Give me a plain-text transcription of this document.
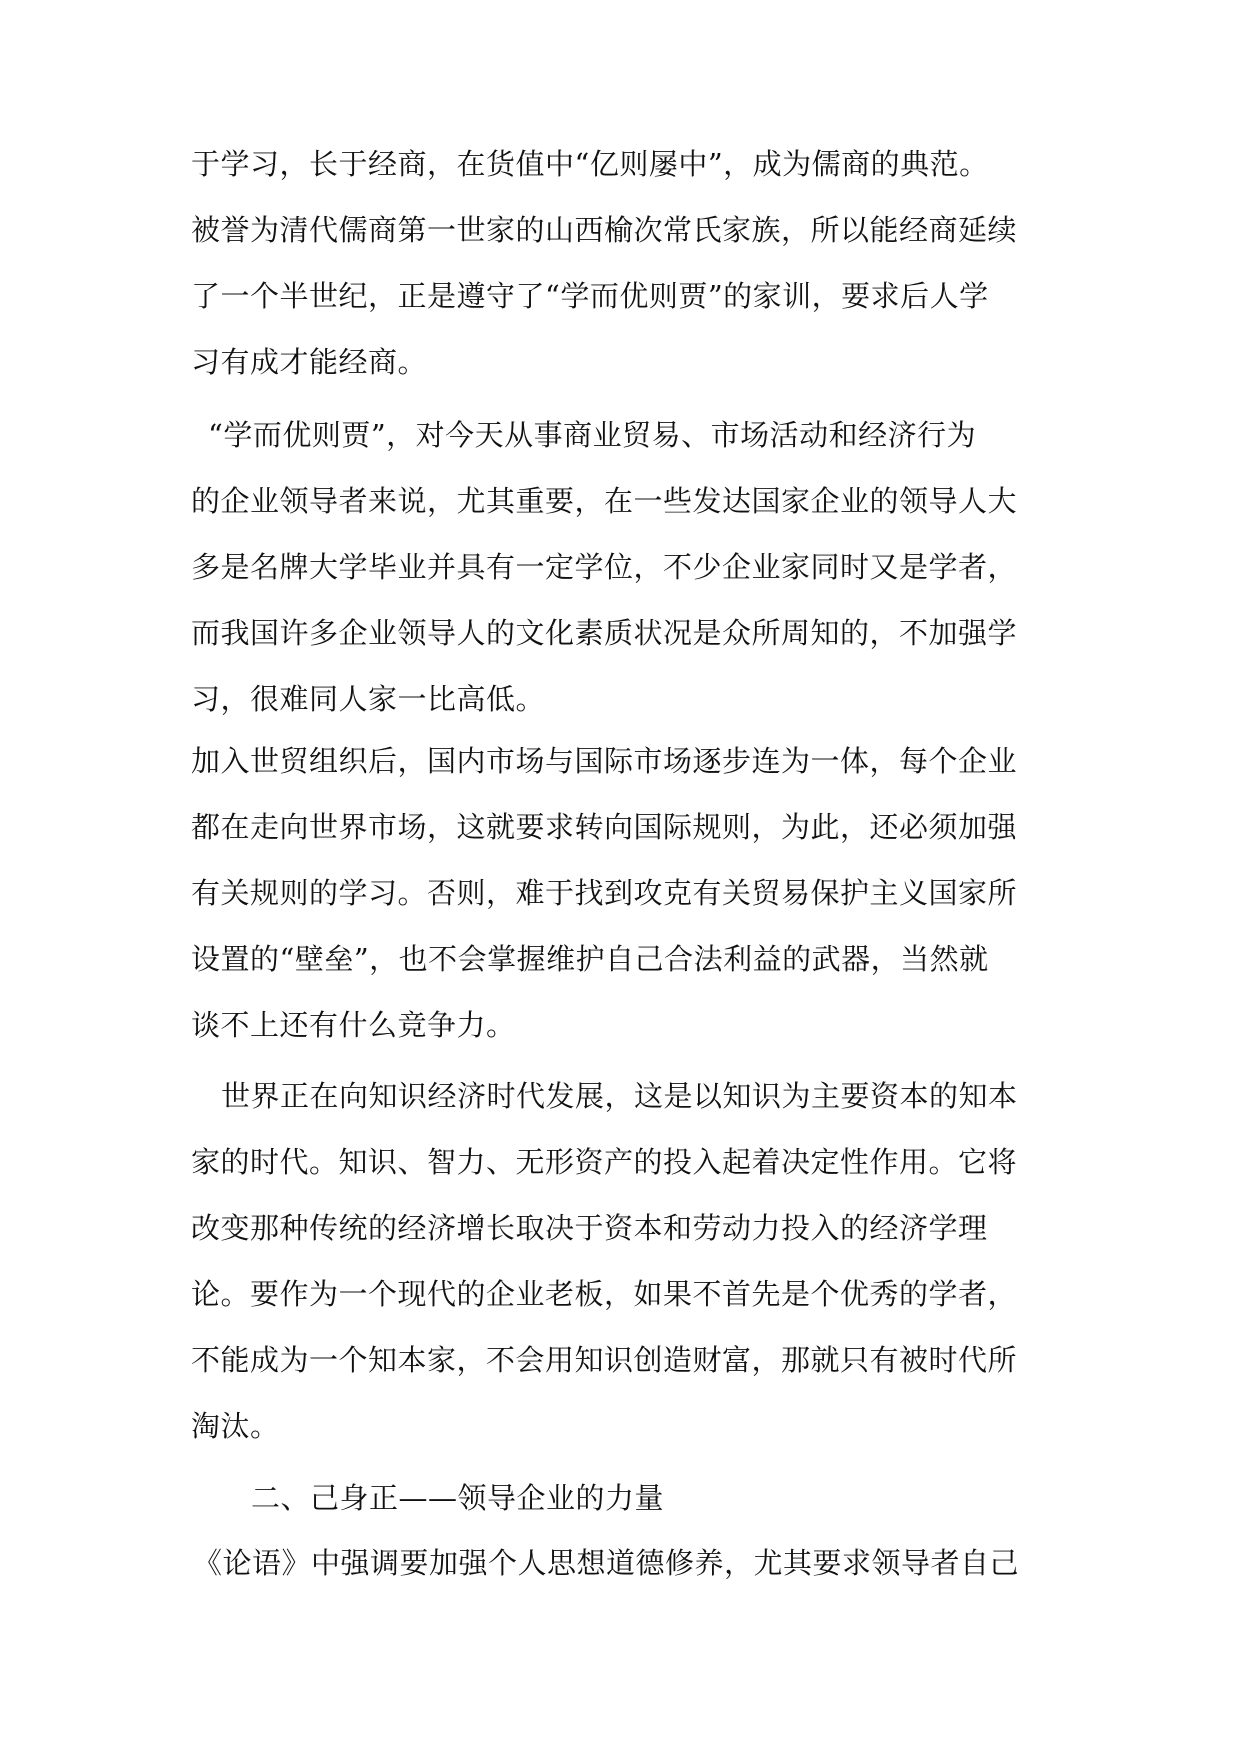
于学习，长于经商，在货值中“亿则屡中”，成为儒商的典范。
被誉为清代儒商第一世家的山西榆次常氏家族，所以能经商延续
了一个半世纪，正是遵守了“学而优则贾”的家训，要求后人学
习有成才能经商。
“学而优则贾”，对今天从事商业贸易、市场活动和经济行为
的企业领导者来说，尤其重要，在一些发达国家企业的领导人大
多是名牌大学毕业并具有一定学位，不少企业家同时又是学者，
而我国许多企业领导人的文化素质状况是众所周知的，不加强学
习，很难同人家一比高低。
加入世贸组织后，国内市场与国际市场逐步连为一体，每个企业
都在走向世界市场，这就要求转向国际规则，为此，还必须加强
有关规则的学习。否则，难于找到攻克有关贸易保护主义国家所
设置的“壁垒”，也不会掌握维护自己合法利益的武器，当然就
谈不上还有什么竞争力。
世界正在向知识经济时代发展，这是以知识为主要资本的知本
家的时代。知识、智力、无形资产的投入起着决定性作用。它将
改变那种传统的经济增长取决于资本和劳动力投入的经济学理
论。要作为一个现代的企业老板，如果不首先是个优秀的学者，
不能成为一个知本家，不会用知识创造财富，那就只有被时代所
淘汰。
二、己身正——领导企业的力量
《论语》中强调要加强个人思想道德修养，尤其要求领导者自己
